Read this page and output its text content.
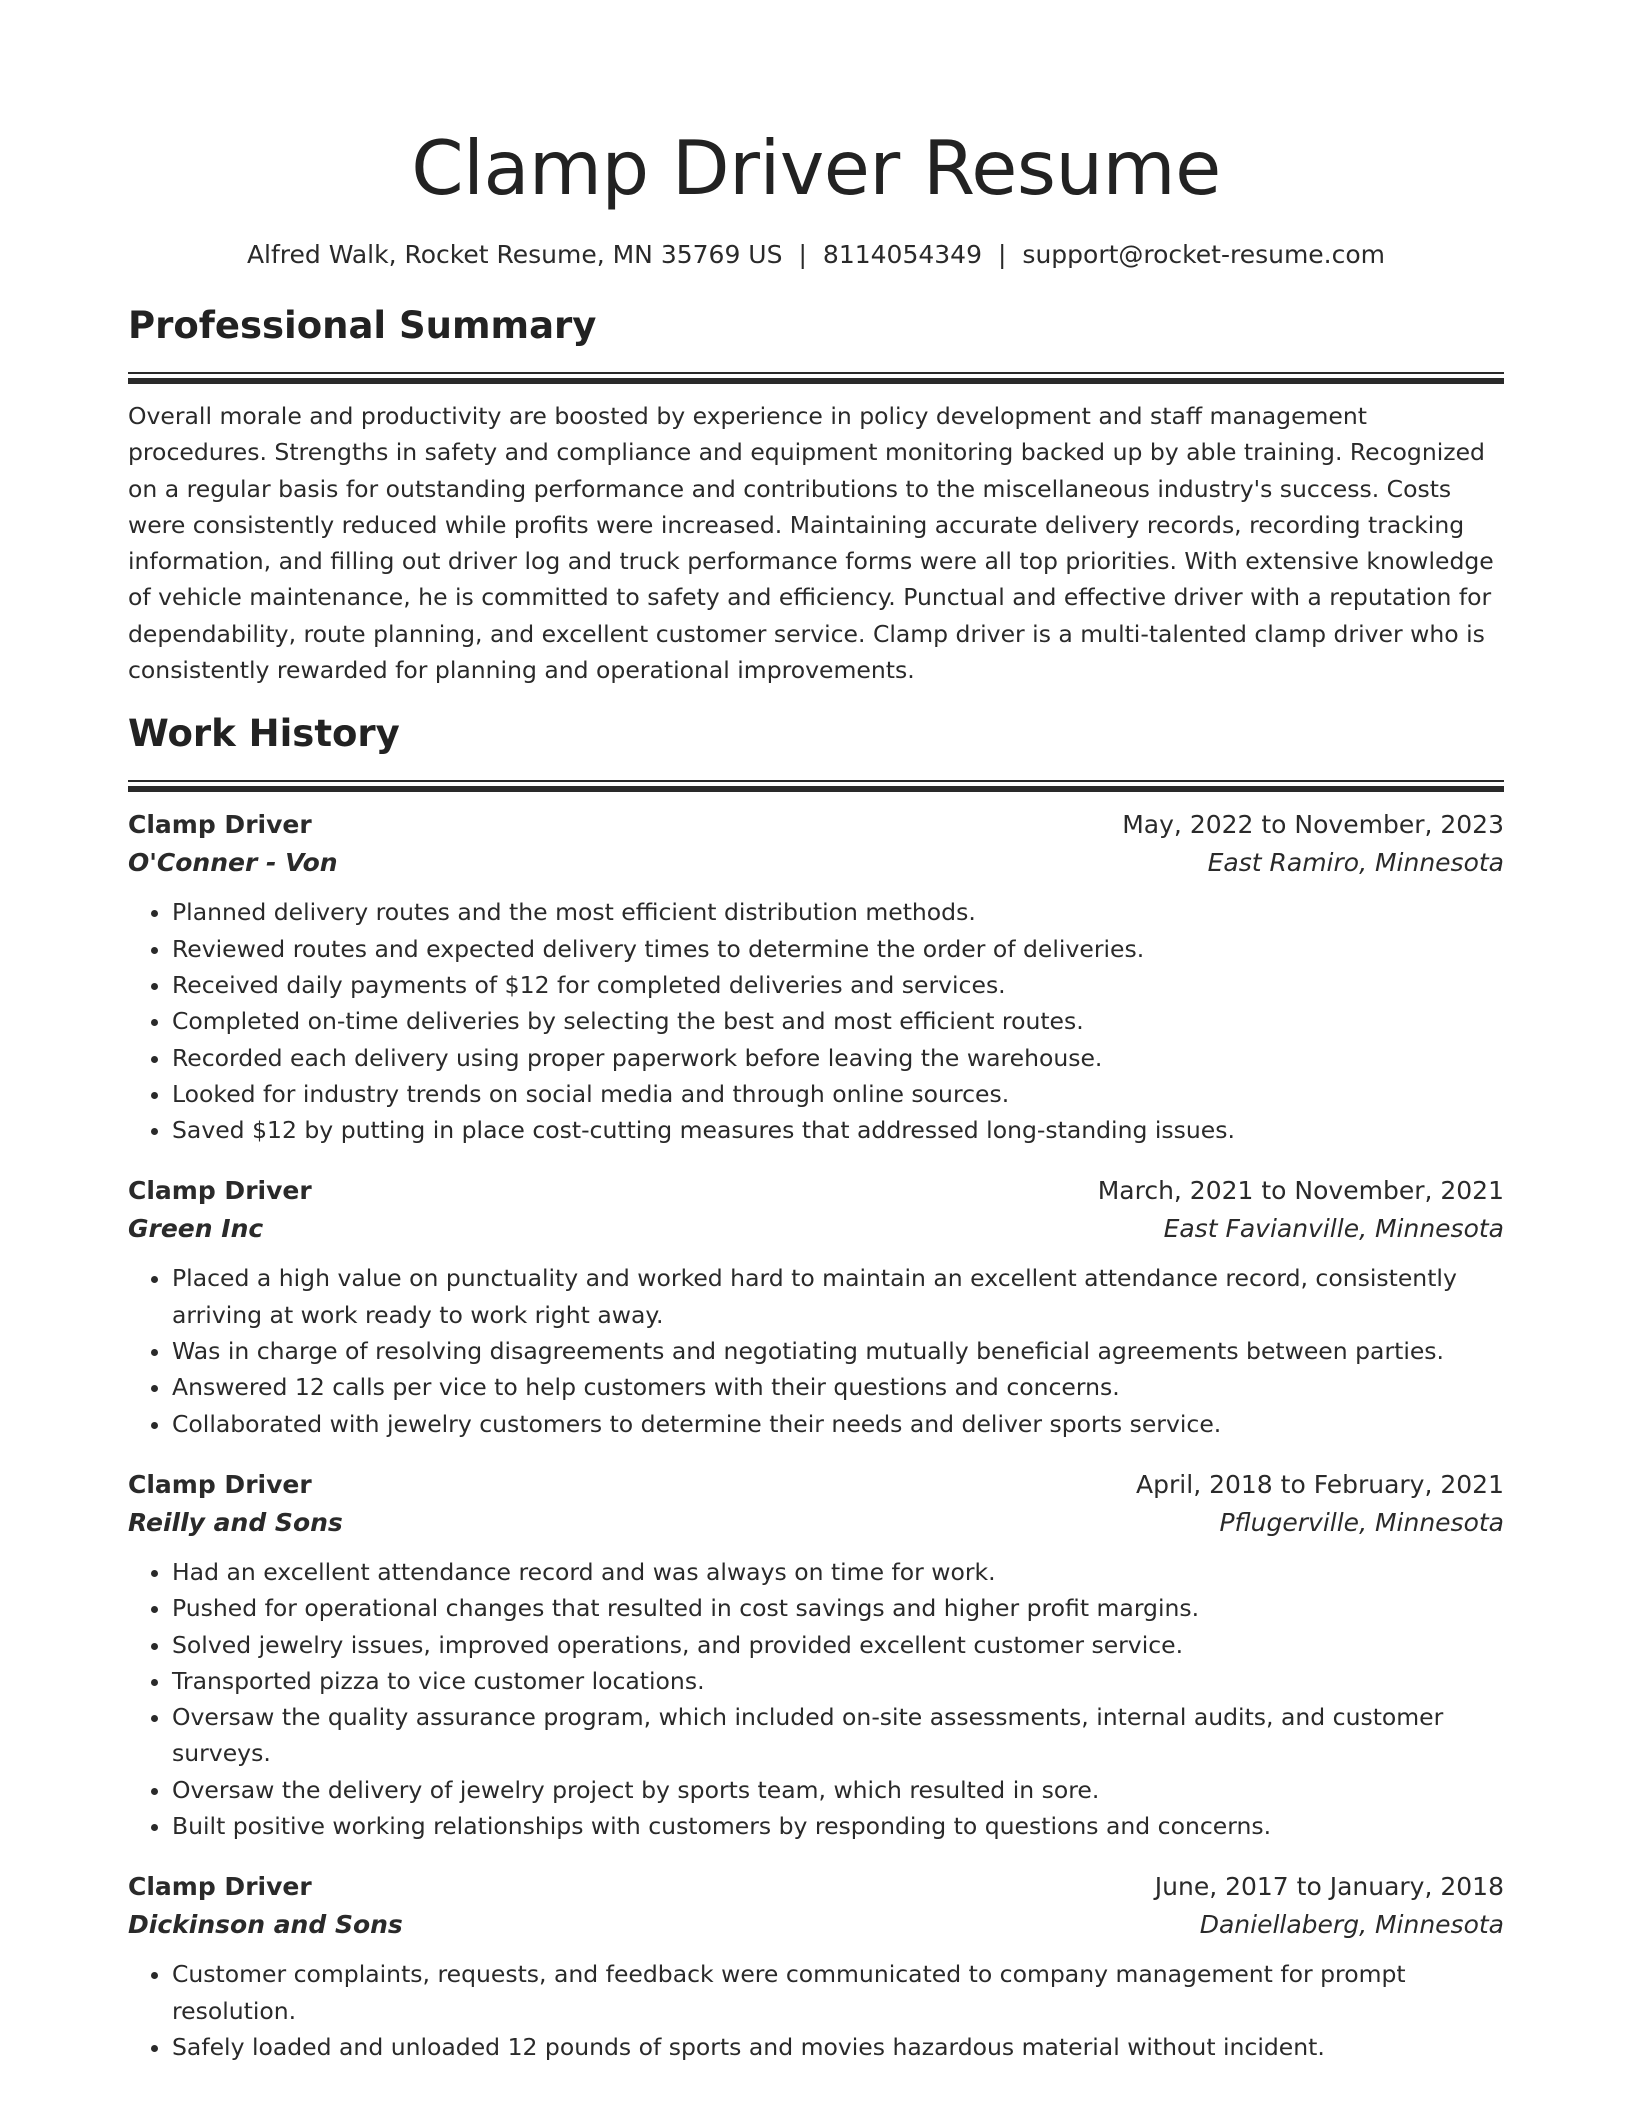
Clamp Driver Resume
Alfred Walk, Rocket Resume, MN 35769 US | 8114054349 | support@rocket-resume.com
Professional Summary

Overall morale and productivity are boosted by experience in policy development and staff management procedures. Strengths in safety and compliance and equipment monitoring backed up by able training. Recognized on a regular basis for outstanding performance and contributions to the miscellaneous industry's success. Costs were consistently reduced while profits were increased. Maintaining accurate delivery records, recording tracking information, and filling out driver log and truck performance forms were all top priorities. With extensive knowledge of vehicle maintenance, he is committed to safety and efficiency. Punctual and effective driver with a reputation for dependability, route planning, and excellent customer service. Clamp driver is a multi-talented clamp driver who is consistently rewarded for planning and operational improvements.

Work History
Clamp Driver	May, 2022 to November, 2023
O'Conner - Von	East Ramiro, Minnesota
• Planned delivery routes and the most efficient distribution methods.
• Reviewed routes and expected delivery times to determine the order of deliveries.
• Received daily payments of $12 for completed deliveries and services.
• Completed on-time deliveries by selecting the best and most efficient routes.
• Recorded each delivery using proper paperwork before leaving the warehouse.
• Looked for industry trends on social media and through online sources.
• Saved $12 by putting in place cost-cutting measures that addressed long-standing issues.
Clamp Driver	March, 2021 to November, 2021
Green Inc	East Favianville, Minnesota
• Placed a high value on punctuality and worked hard to maintain an excellent attendance record, consistently arriving at work ready to work right away.
• Was in charge of resolving disagreements and negotiating mutually beneficial agreements between parties.
• Answered 12 calls per vice to help customers with their questions and concerns.
• Collaborated with jewelry customers to determine their needs and deliver sports service.
Clamp Driver	April, 2018 to February, 2021
Reilly and Sons	Pflugerville, Minnesota
• Had an excellent attendance record and was always on time for work.
• Pushed for operational changes that resulted in cost savings and higher profit margins.
• Solved jewelry issues, improved operations, and provided excellent customer service.
• Transported pizza to vice customer locations.
• Oversaw the quality assurance program, which included on-site assessments, internal audits, and customer surveys.
• Oversaw the delivery of jewelry project by sports team, which resulted in sore.
• Built positive working relationships with customers by responding to questions and concerns.
Clamp Driver	June, 2017 to January, 2018
Dickinson and Sons	Daniellaberg, Minnesota
• Customer complaints, requests, and feedback were communicated to company management for prompt resolution.
• Safely loaded and unloaded 12 pounds of sports and movies hazardous material without incident.
